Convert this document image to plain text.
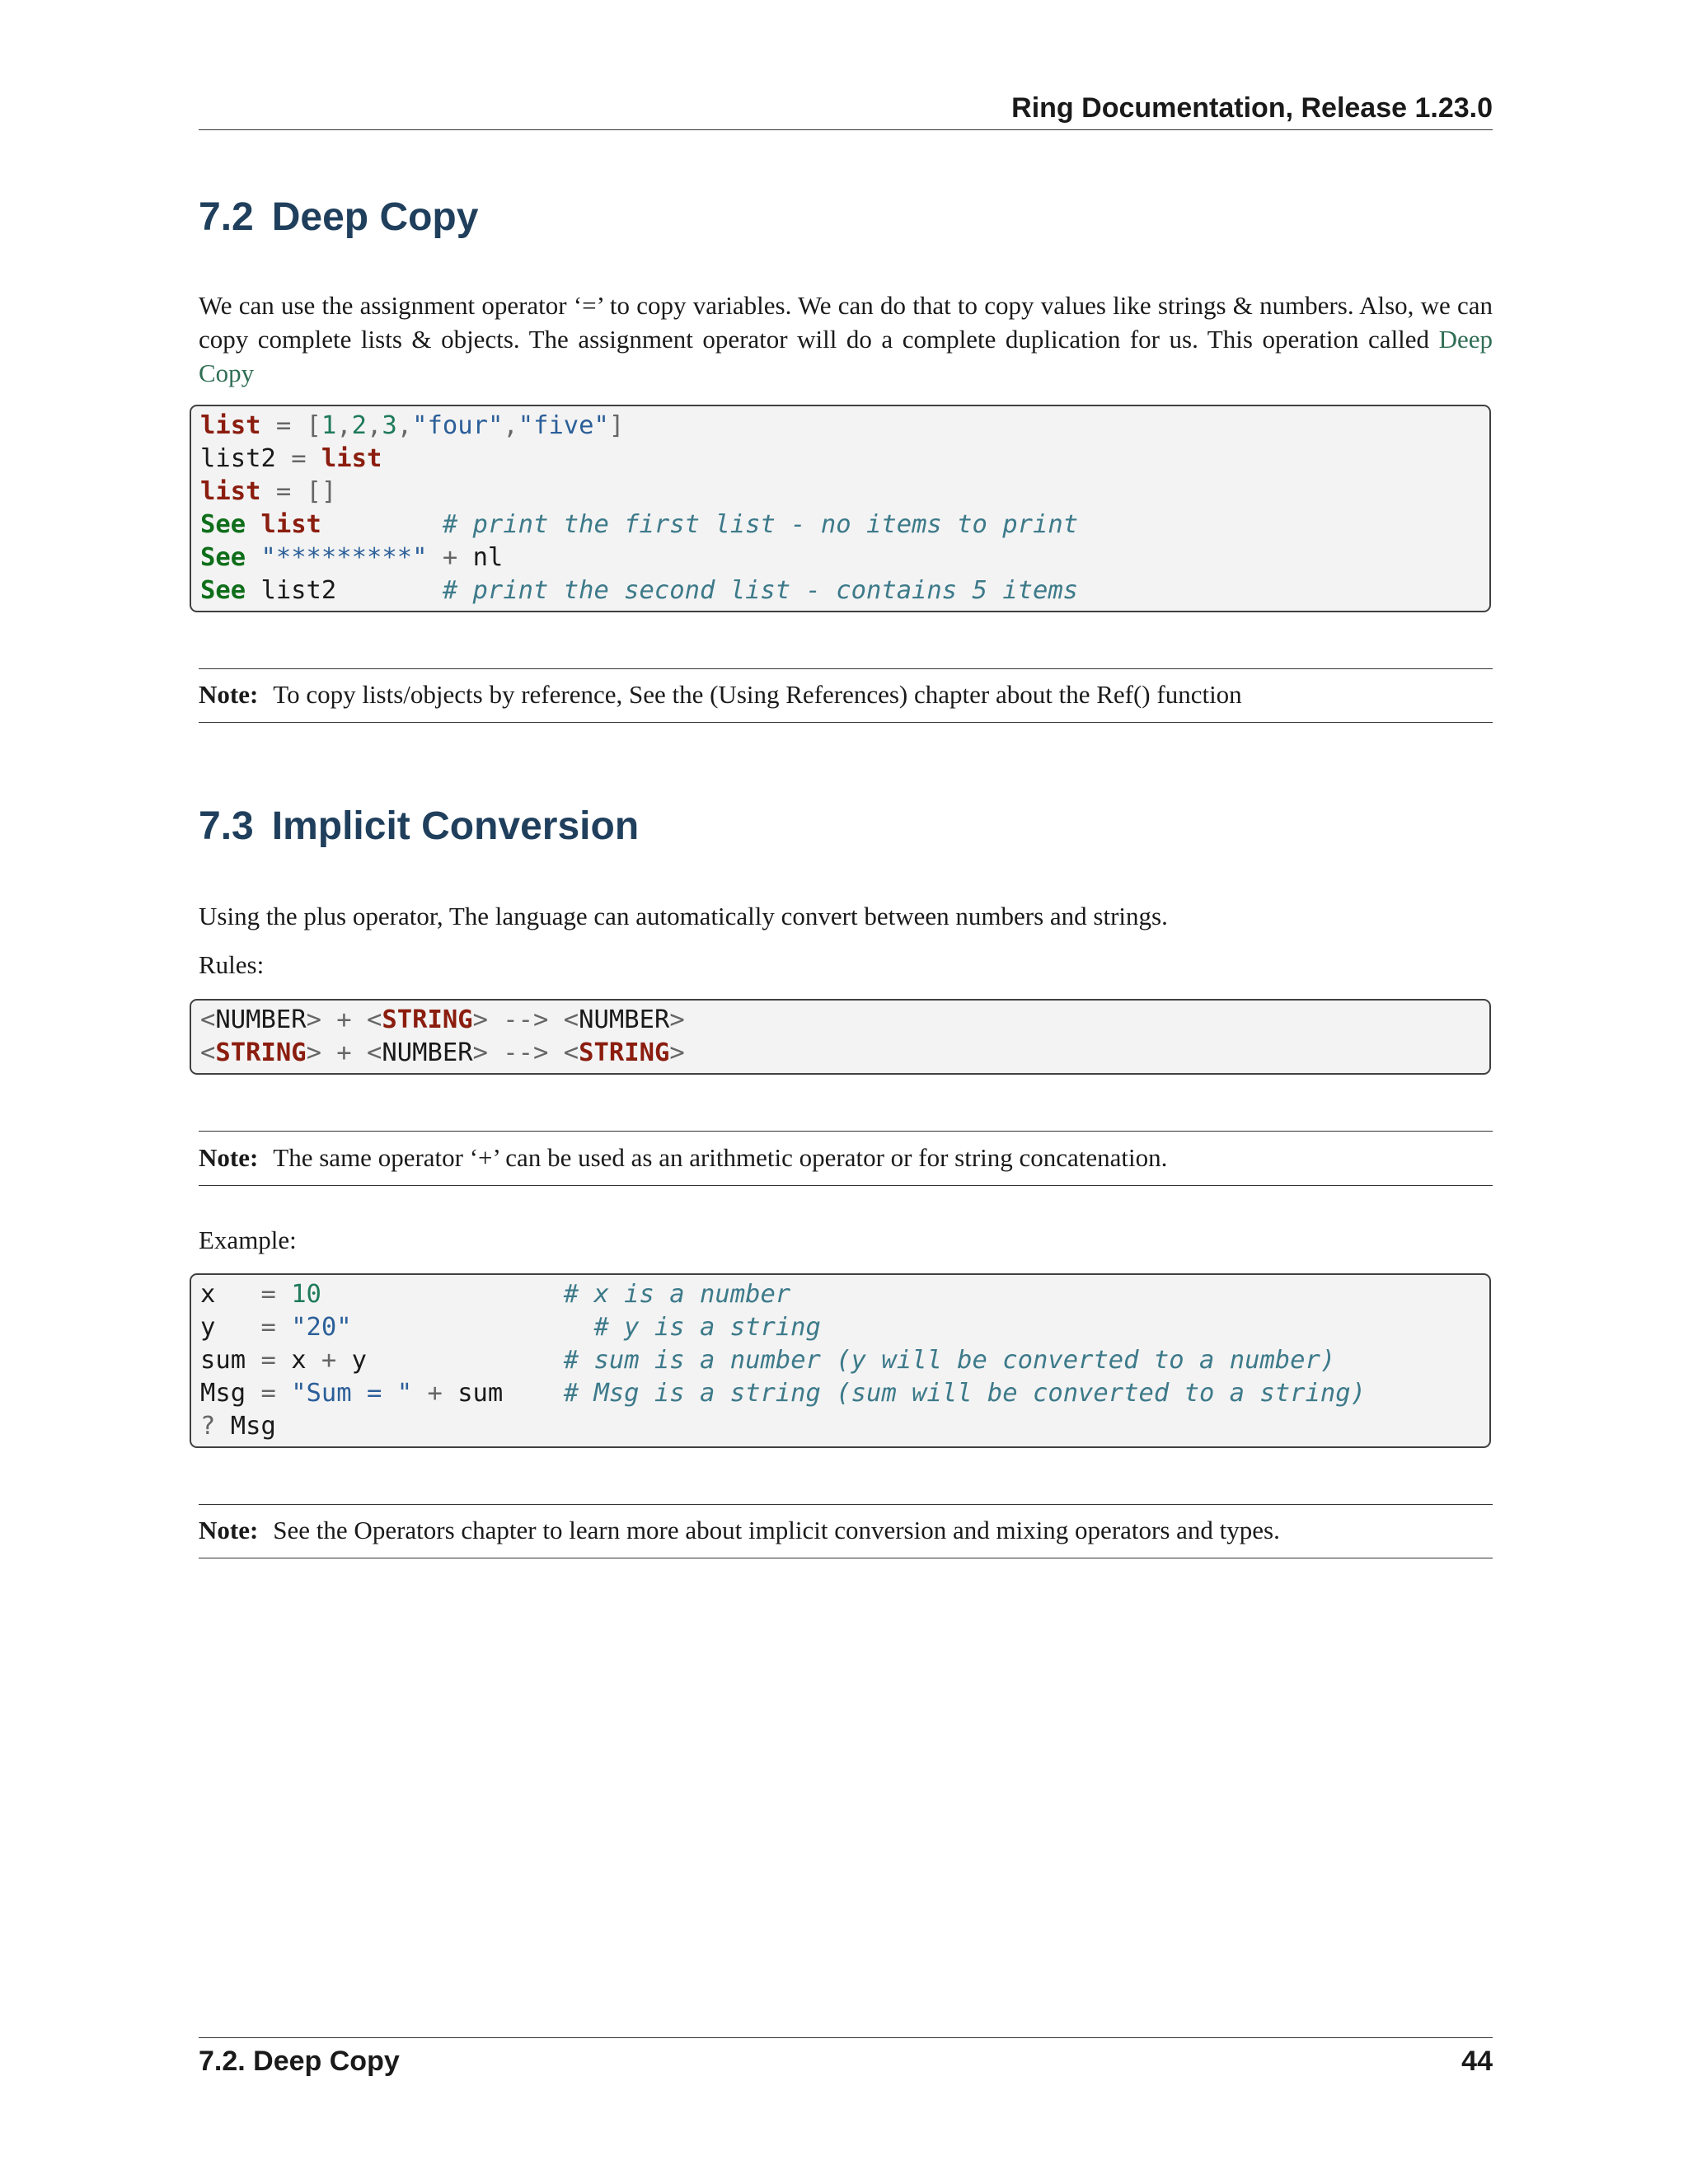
Ring Documentation, Release 1.23.0
7.2 Deep Copy

We can use the assignment operator ‘=’ to copy variables. We can do that to copy values like strings & numbers. Also, we can copy complete lists & objects. The assignment operator will do a complete duplication for us. This operation called Deep Copy

list = [1,2,3,"four","five"]
list2 = list
list = []
See list	# print the first list - no items to print
See "*********" + nl
See list2       # print the second list - contains 5 items
Note: To copy lists/objects by reference, See the (Using References) chapter about the Ref() function
7.3 Implicit Conversion

Using the plus operator, The language can automatically convert between numbers and strings.

Rules:

<NUMBER> + <STRING> --> <NUMBER>
<STRING> + <NUMBER> --> <STRING>
Note: The same operator ‘+’ can be used as an arithmetic operator or for string concatenation.

Example:

x   = 10	# x is a number
y   = "20"	# y is a string
sum = x + y	# sum is a number (y will be converted to a number)
Msg = "Sum = " + sum # Msg is a string (sum will be converted to a string)
? Msg
Note: See the Operators chapter to learn more about implicit conversion and mixing operators and types.
7.2. Deep Copy	44
